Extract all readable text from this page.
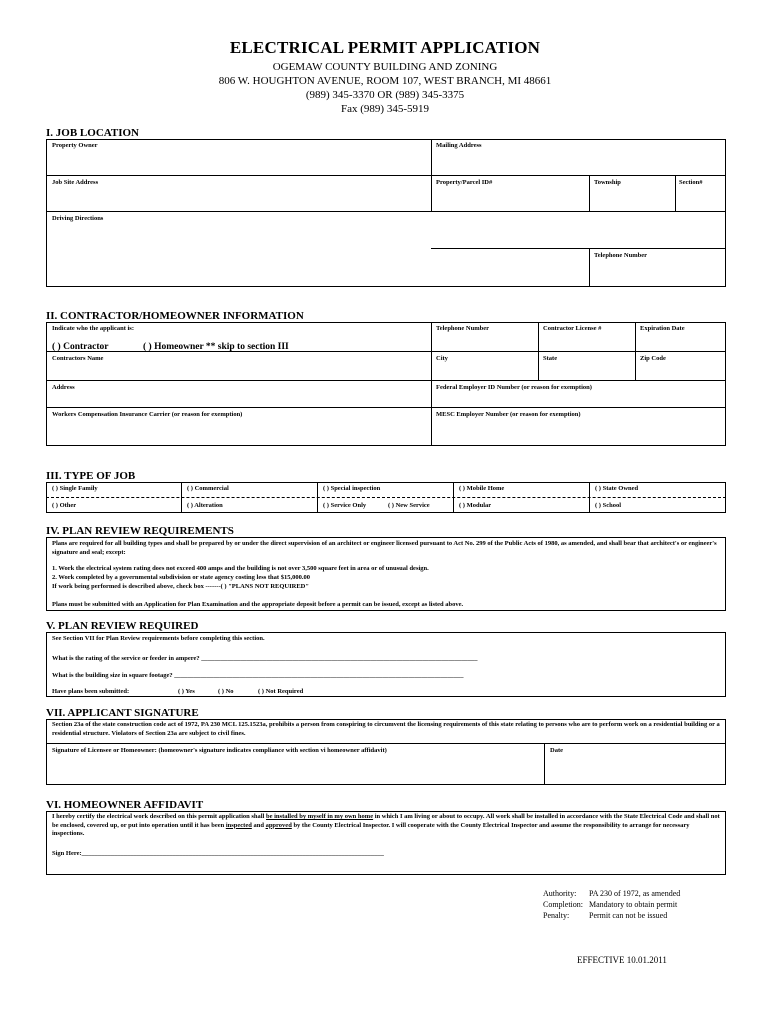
ELECTRICAL PERMIT APPLICATION
OGEMAW COUNTY BUILDING AND ZONING
806 W. HOUGHTON AVENUE, ROOM 107, WEST BRANCH, MI 48661
(989) 345-3370 OR (989) 345-3375
Fax (989) 345-5919
I. JOB LOCATION
Property Owner	Mailing Address
Job Site Address	Property/Parcel ID#	Township	Section#
Driving Directions
Telephone Number
II. CONTRACTOR/HOMEOWNER INFORMATION
Indicate who the applicant is:	Telephone Number	Contractor License #	Expiration Date
( ) Contractor	( ) Homeowner ** skip to section III
Contractors Name	City	State	Zip Code
Address	Federal Employer ID Number (or reason for exemption)
Workers Compensation Insurance Carrier (or reason for exemption)	MESC Employer Number (or reason for exemption)
III. TYPE OF JOB
( ) Single Family	( ) Commercial	( ) Special inspection	( ) Mobile Home	( ) State Owned
( ) Other	( ) Alteration	( ) Service Only	( ) New Service	( ) Modular	( ) School
IV. PLAN REVIEW REQUIREMENTS
Plans are required for all building types and shall be prepared by or under the direct supervision of an architect or engineer licensed pursuant to Act No. 299 of the Public Acts of 1980, as amended, and shall bear that architect's or engineer's signature and seal; except:
1. Work the electrical system rating does not exceed 400 amps and the building is not over 3,500 square feet in area or of unusual design.
2. Work completed by a governmental subdivision or state agency costing less that $15,000.00
If work being performed is described above, check box -------( ) "PLANS NOT REQUIRED"
Plans must be submitted with an Application for Plan Examination and the appropriate deposit before a permit can be issued, except as listed above.
V. PLAN REVIEW REQUIRED
See Section VII for Plan Review requirements before completing this section.
What is the rating of the service or feeder in ampere? _____________________________________________________________________________________
What is the building size in square footage? _________________________________________________________________________________________
Have plans been submitted:	( ) Yes	( ) No	( ) Not Required
VII. APPLICANT SIGNATURE
Section 23a of the state construction code act of 1972, PA 230 MCL 125.1523a, prohibits a person from conspiring to circumvent the licensing requirements of this state relating to persons who are to perform work on a residential building or a residential structure. Violators of Section 23a are subject to civil fines.
Signature of Licensee or Homeowner: (homeowner's signature indicates compliance with section vi homeowner affidavit)	Date
VI. HOMEOWNER AFFIDAVIT
I hereby certify the electrical work described on this permit application shall be installed by myself in my own home in which I am living or about to occupy. All work shall be installed in accordance with the State Electrical Code and shall not be enclosed, covered up, or put into operation until it has been inspected and approved by the County Electrical Inspector. I will cooperate with the County Electrical Inspector and assume the responsibility to arrange for necessary inspections.
Sign Here:_____________________________________________________________________________________________
Authority: PA 230 of 1972, as amended
Completion: Mandatory to obtain permit
Penalty: Permit can not be issued
EFFECTIVE 10.01.2011
